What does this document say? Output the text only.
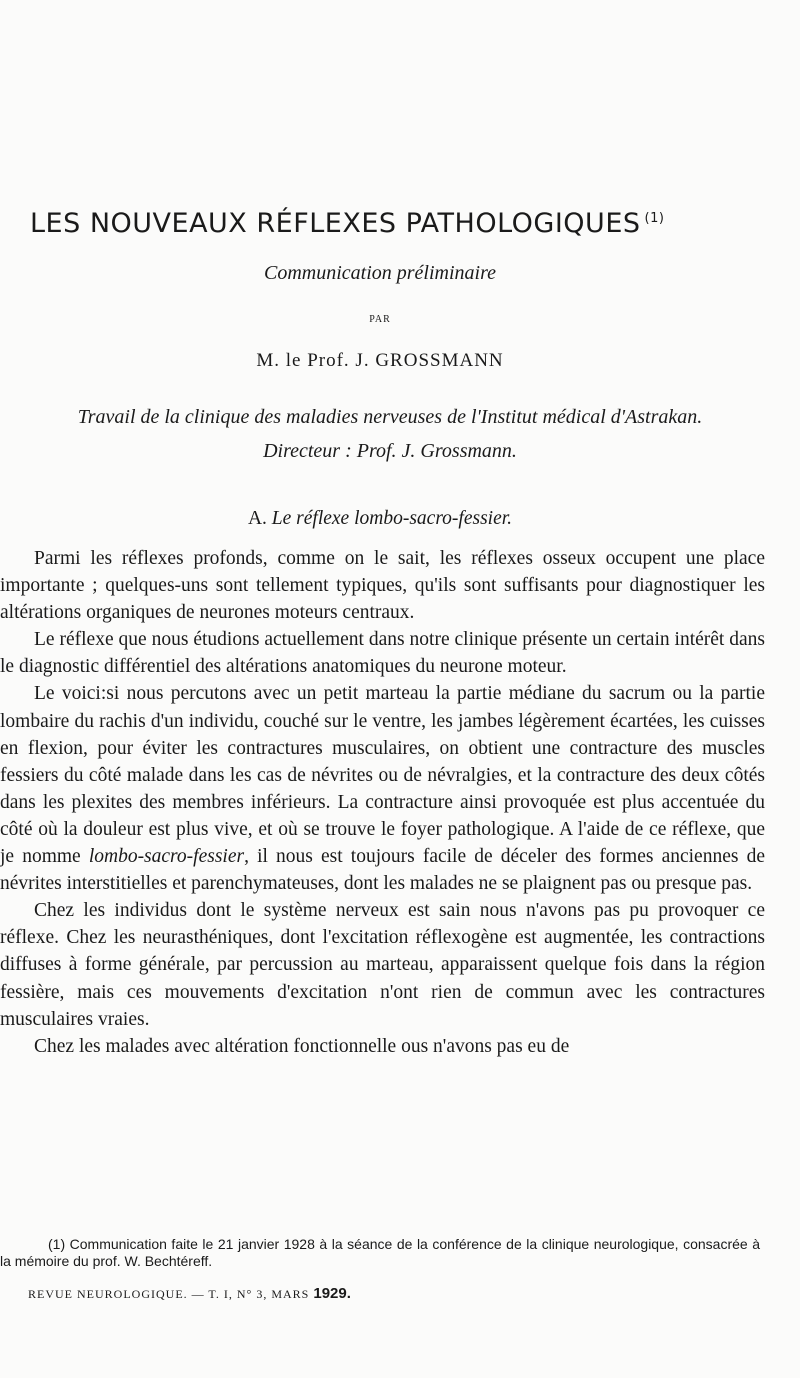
LES NOUVEAUX RÉFLEXES PATHOLOGIQUES $^{(1)}$
Communication préliminaire
PAR
M. le Prof. J. GROSSMANN
Travail de la clinique des maladies nerveuses de l'Institut médical d'Astrakan. Directeur : Prof. J. Grossmann.
A. Le réflexe lombo-sacro-fessier.

Parmi les réflexes profonds, comme on le sait, les réflexes osseux occupent une place importante ; quelques-uns sont tellement typiques, qu'ils sont suffisants pour diagnostiquer les altérations organiques de neurones moteurs centraux.

Le réflexe que nous étudions actuellement dans notre clinique présente un certain intérêt dans le diagnostic différentiel des altérations anatomiques du neurone moteur.

Le voici:si nous percutons avec un petit marteau la partie médiane du sacrum ou la partie lombaire du rachis d'un individu, couché sur le ventre, les jambes légèrement écartées, les cuisses en flexion, pour éviter les contractures musculaires, on obtient une contracture des muscles fessiers du côté malade dans les cas de névrites ou de névralgies, et la contracture des deux côtés dans les plexites des membres inférieurs. La contracture ainsi provoquée est plus accentuée du côté où la douleur est plus vive, et où se trouve le foyer pathologique. A l'aide de ce réflexe, que je nomme lombo-sacro-fessier, il nous est toujours facile de déceler des formes anciennes de névrites interstitielles et parenchymateuses, dont les malades ne se plaignent pas ou presque pas.

Chez les individus dont le système nerveux est sain nous n'avons pas pu provoquer ce réflexe. Chez les neurasthéniques, dont l'excitation réflexogène est augmentée, les contractions diffuses à forme générale, par percussion au marteau, apparaissent quelque fois dans la région fessière, mais ces mouvements d'excitation n'ont rien de commun avec les contractures musculaires vraies.

Chez les malades avec altération fonctionnelle ous n'avons pas eu de

(1) Communication faite le 21 janvier 1928 à la séance de la conférence de la clinique neurologique, consacrée à la mémoire du prof. W. Bechtéreff.

REVUE NEUROLOGIQUE. — T. I, N° 3, MARS 1929.
